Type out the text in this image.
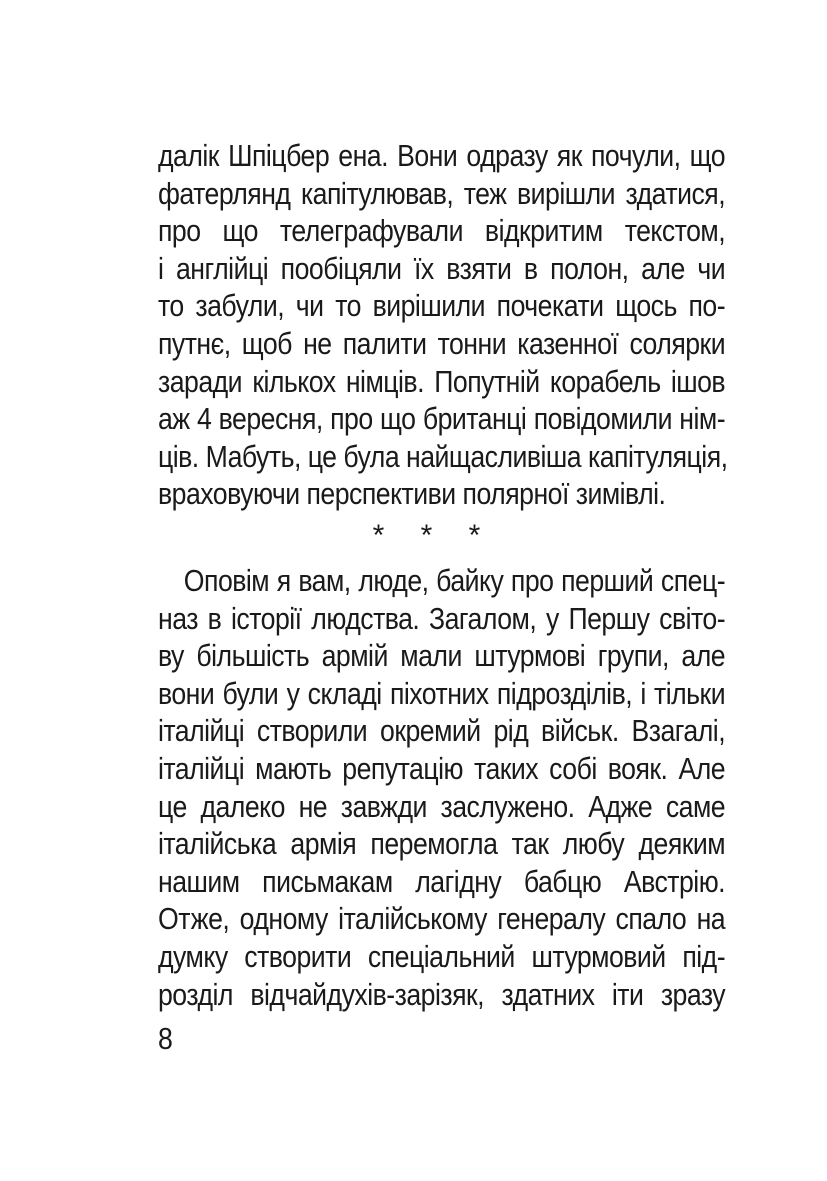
далік Шпіцбер ена. Вони одразу як почули, що
фатерлянд капітулював, теж вирішли здатися,
про що телеграфували відкритим текстом,
і англійці пообіцяли їх взяти в полон, але чи
то забули, чи то вирішили почекати щось по-
путнє, щоб не палити тонни казенної солярки
заради кількох німців. Попутній корабель ішов
аж 4 вересня, про що британці повідомили нім-
ців. Мабуть, це була найщасливіша капітуляція,
враховуючи перспективи полярної зимівлі.
* * *
Оповім я вам, люде, байку про перший спец-
наз в історії людства. Загалом, у Першу світо-
ву більшість армій мали штурмові групи, але
вони були у складі піхотних підрозділів, і тільки
італійці створили окремий рід військ. Взагалі,
італійці мають репутацію таких собі вояк. Але
це далеко не завжди заслужено. Адже саме
італійська армія перемогла так любу деяким
нашим письмакам лагідну бабцю Австрію.
Отже, одному італійському генералу спало на
думку створити спеціальний штурмовий під-
розділ відчайдухів-зарізяк, здатних іти зразу
8
